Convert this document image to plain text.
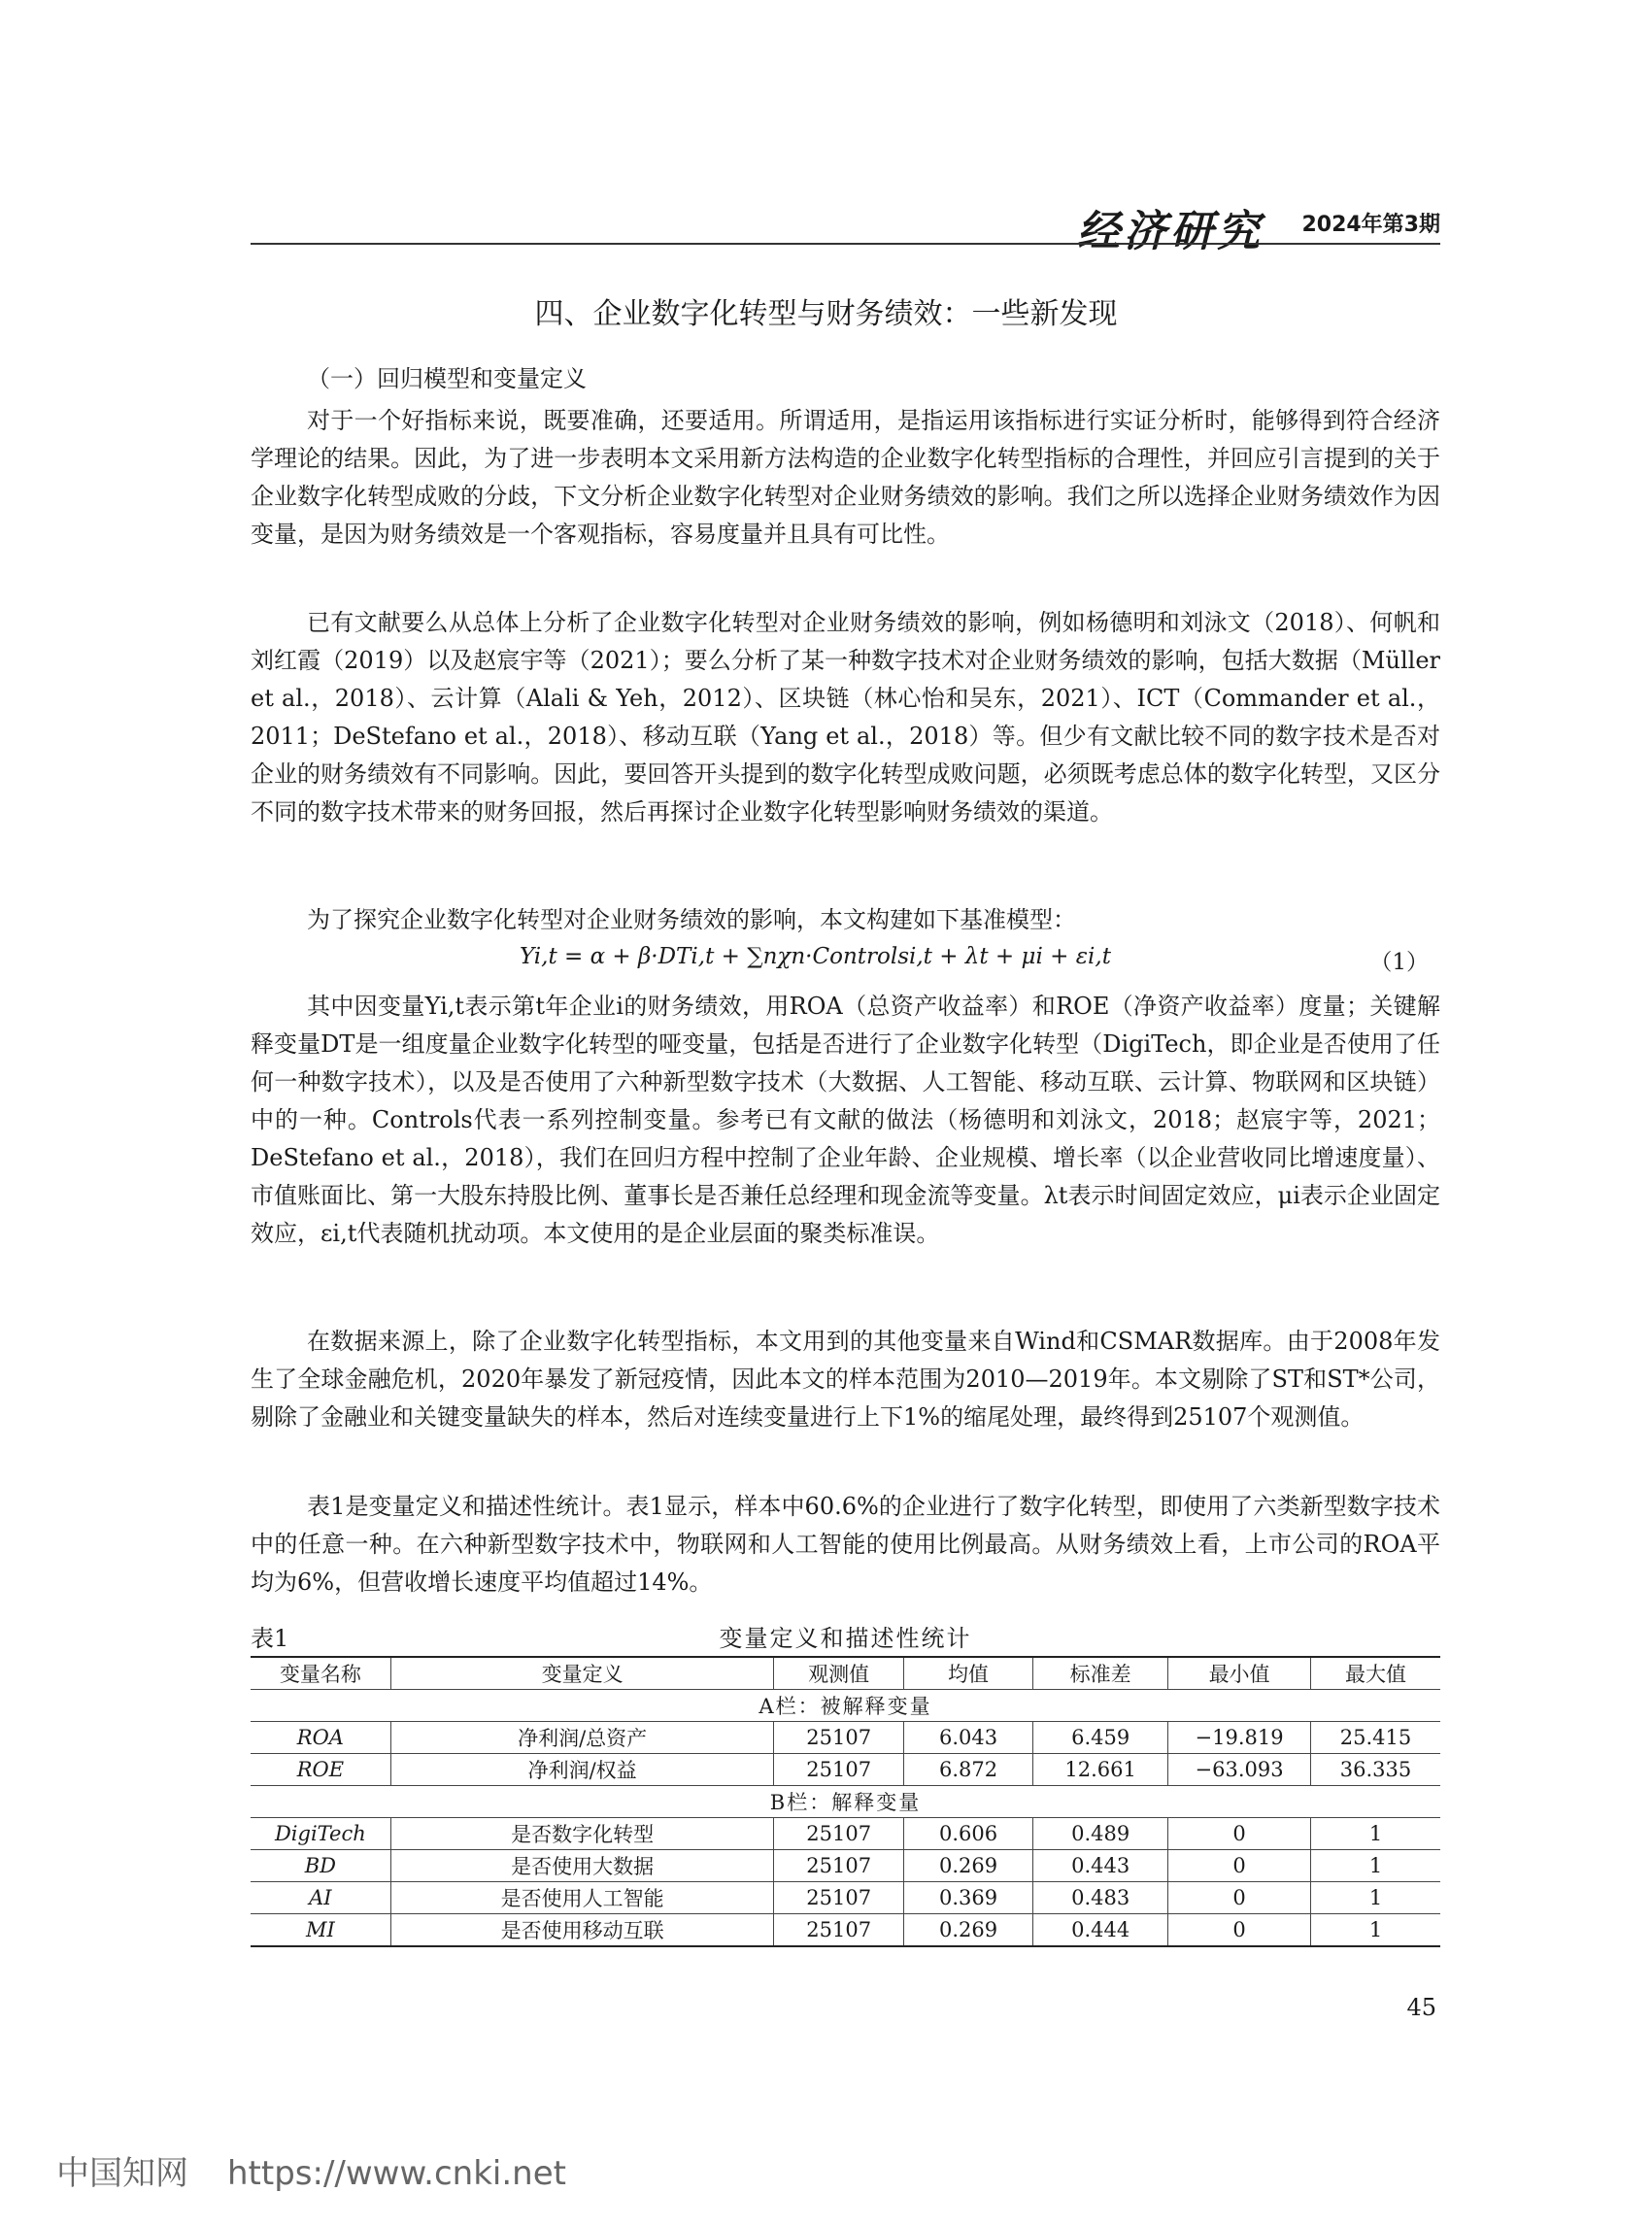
经济研究 2024年第3期
四、企业数字化转型与财务绩效：一些新发现
（一）回归模型和变量定义

对于一个好指标来说，既要准确，还要适用。所谓适用，是指运用该指标进行实证分析时，能够得到符合经济学理论的结果。因此，为了进一步表明本文采用新方法构造的企业数字化转型指标的合理性，并回应引言提到的关于企业数字化转型成败的分歧，下文分析企业数字化转型对企业财务绩效的影响。我们之所以选择企业财务绩效作为因变量，是因为财务绩效是一个客观指标，容易度量并且具有可比性。

已有文献要么从总体上分析了企业数字化转型对企业财务绩效的影响，例如杨德明和刘泳文（2018）、何帆和刘红霞（2019）以及赵宸宇等（2021）；要么分析了某一种数字技术对企业财务绩效的影响，包括大数据（Müller et al.，2018）、云计算（Alali & Yeh，2012）、区块链（林心怡和吴东，2021）、ICT（Commander et al.，2011；DeStefano et al.，2018）、移动互联（Yang et al.，2018）等。但少有文献比较不同的数字技术是否对企业的财务绩效有不同影响。因此，要回答开头提到的数字化转型成败问题，必须既考虑总体的数字化转型，又区分不同的数字技术带来的财务回报，然后再探讨企业数字化转型影响财务绩效的渠道。

为了探究企业数字化转型对企业财务绩效的影响，本文构建如下基准模型：

Yi,t = α + β·DTi,t + ∑nχn·Controlsi,t + λt + μi + εi,t	（1）

其中因变量Yi,t表示第t年企业i的财务绩效，用ROA（总资产收益率）和ROE（净资产收益率）度量；关键解释变量DT是一组度量企业数字化转型的哑变量，包括是否进行了企业数字化转型（DigiTech，即企业是否使用了任何一种数字技术），以及是否使用了六种新型数字技术（大数据、人工智能、移动互联、云计算、物联网和区块链）中的一种。Controls代表一系列控制变量。参考已有文献的做法（杨德明和刘泳文，2018；赵宸宇等，2021；DeStefano et al.，2018），我们在回归方程中控制了企业年龄、企业规模、增长率（以企业营收同比增速度量）、市值账面比、第一大股东持股比例、董事长是否兼任总经理和现金流等变量。λt表示时间固定效应，μi表示企业固定效应，εi,t代表随机扰动项。本文使用的是企业层面的聚类标准误。

在数据来源上，除了企业数字化转型指标，本文用到的其他变量来自Wind和CSMAR数据库。由于2008年发生了全球金融危机，2020年暴发了新冠疫情，因此本文的样本范围为2010—2019年。本文剔除了ST和ST*公司，剔除了金融业和关键变量缺失的样本，然后对连续变量进行上下1%的缩尾处理，最终得到25107个观测值。

表1是变量定义和描述性统计。表1显示，样本中60.6%的企业进行了数字化转型，即使用了六类新型数字技术中的任意一种。在六种新型数字技术中，物联网和人工智能的使用比例最高。从财务绩效上看，上市公司的ROA平均为6%，但营收增长速度平均值超过14%。

表1	变量定义和描述性统计
变量名称	变量定义	观测值	均值	标准差	最小值	最大值
A栏：被解释变量						
ROA	净利润/总资产	25107	6.043	6.459	−19.819	25.415
ROE	净利润/权益	25107	6.872	12.661	−63.093	36.335
B栏：解释变量						
DigiTech	是否数字化转型	25107	0.606	0.489	0	1
BD	是否使用大数据	25107	0.269	0.443	0	1
AI	是否使用人工智能	25107	0.369	0.483	0	1
MI	是否使用移动互联	25107	0.269	0.444	0	1
45
中国知网 https://www.cnki.net
